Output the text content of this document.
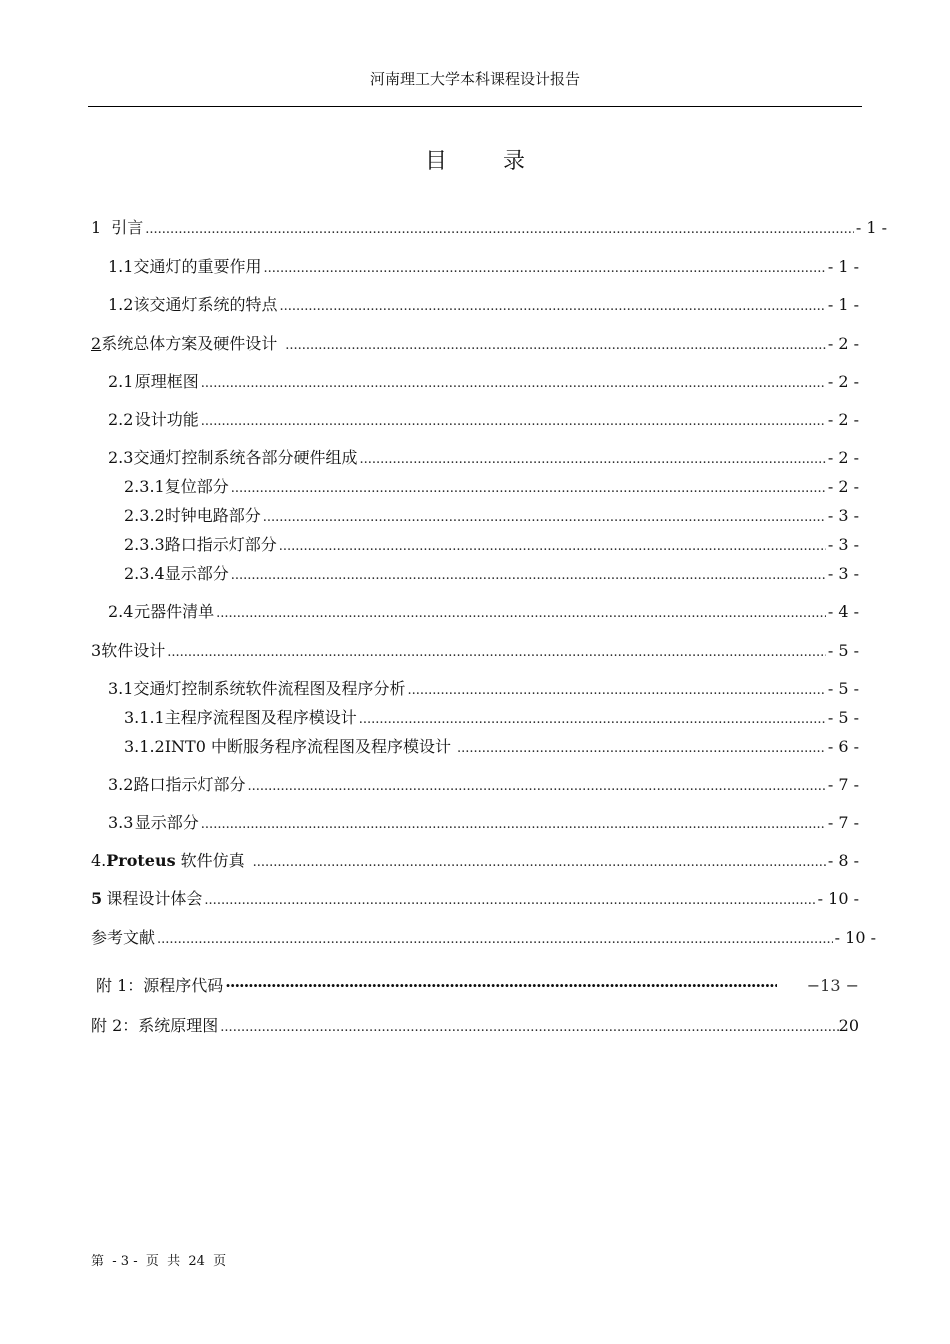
河南理工大学本科课程设计报告
目	录
1 引言 .....	- 1 -
1.1 交通灯的重要作用 .....	- 1 -
1.2 该交通灯系统的特点 .....	- 1 -
2 系统总体方案及硬件设计 .....	- 2 -
2.1 原理框图 .....	- 2 -
2.2 设计功能 .....	- 2 -
2.3 交通灯控制系统各部分硬件组成 .....	- 2 -
2.3.1 复位部分 .....	- 2 -
2.3.2 时钟电路部分 .....	- 3 -
2.3.3 路口指示灯部分 .....	- 3 -
2.3.4 显示部分 .....	- 3 -
2.4 元器件清单 .....	- 4 -
3 软件设计 .....	- 5 -
3.1 交通灯控制系统软件流程图及程序分析 .....	- 5 -
3.1.1 主程序流程图及程序模设计 .....	- 5 -
3.1.2 INT0 中断服务程序流程图及程序模设计 .....	- 6 -
3.2 路口指示灯部分 .....	- 7 -
3.3 显示部分 .....	- 7 -
4. Proteus 软件仿真 .....	- 8 -
5 课程设计体会 .....	- 10 -
参考文献 .....	- 10 -
附 1： 源程序代码 ·····	−13 −
附 2： 系统原理图 .....	20
第  - 3 -  页  共  24  页
